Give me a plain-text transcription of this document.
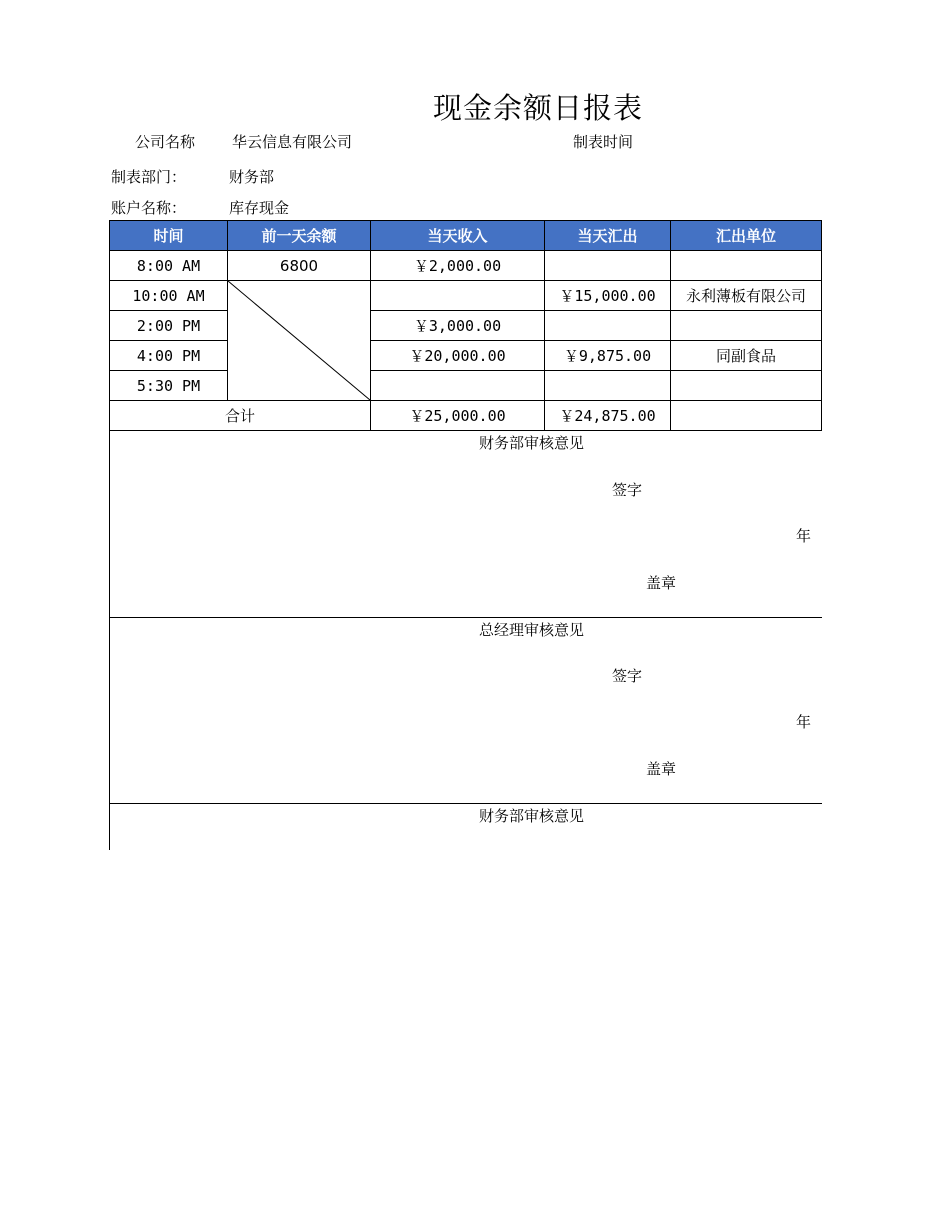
现金余额日报表
公司名称 华云信息有限公司	制表时间
制表部门：	财务部
账户名称：	库存现金
时间	前一天余额	当天收入	当天汇出	汇出单位
8:00 AM	6800	￥2,000.00		
10:00 AM			￥15,000.00	永利薄板有限公司
2:00 PM		￥3,000.00		
4:00 PM		￥20,000.00	￥9,875.00	同副食品
5:30 PM				
合计		￥25,000.00	￥24,875.00	
财务部审核意见
签字
年
盖章
总经理审核意见
签字
年
盖章
财务部审核意见
